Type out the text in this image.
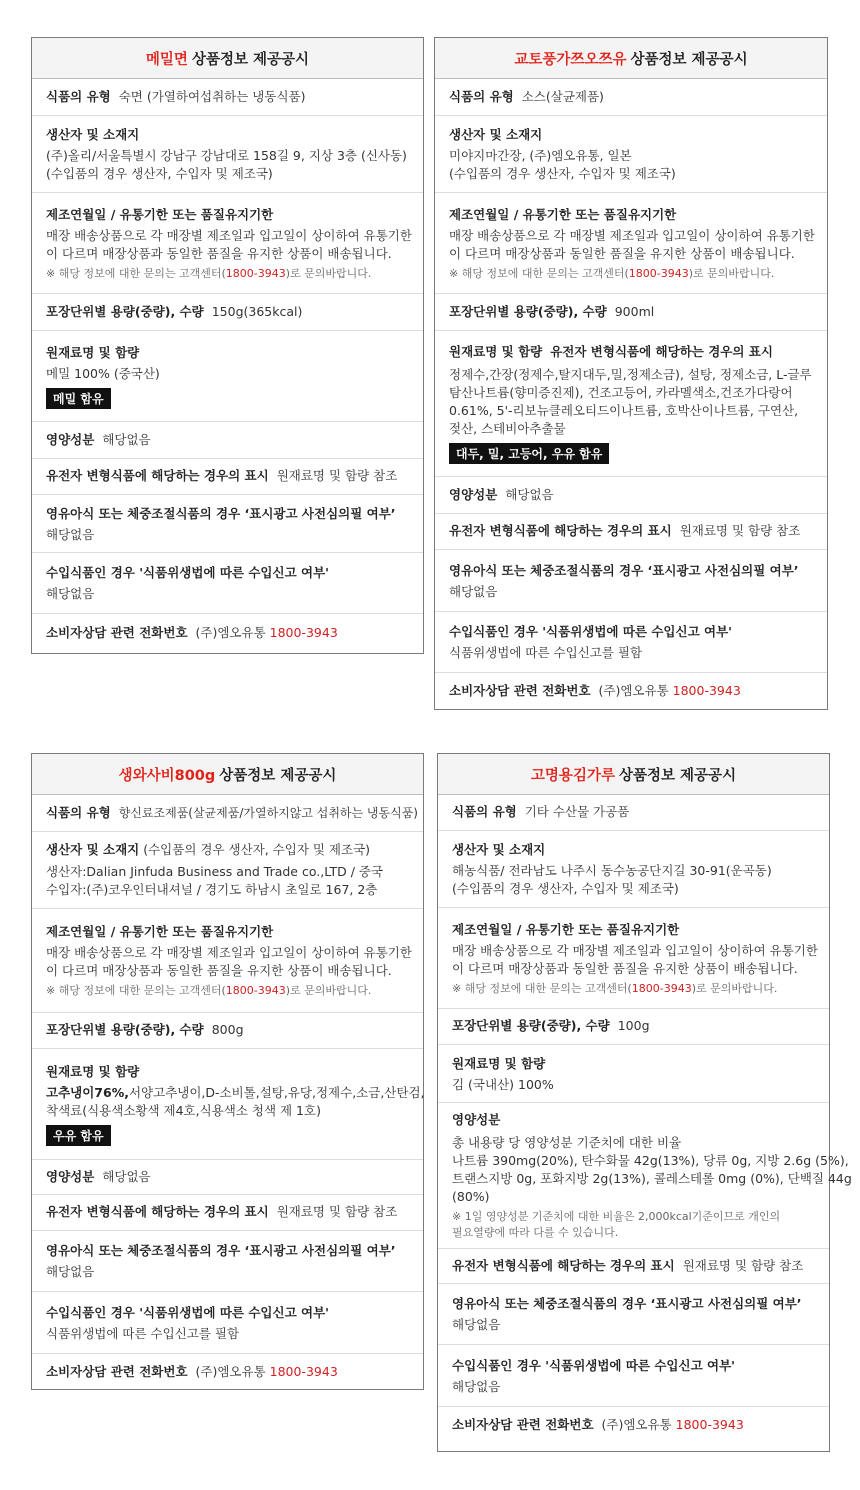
메밀면 상품정보 제공공시
식품의 유형 숙면 (가열하여섭취하는 냉동식품)
생산자 및 소재지
(주)올리/서울특별시 강남구 강남대로 158길 9, 지상 3층 (신사동)
(수입품의 경우 생산자, 수입자 및 제조국)
제조연월일 / 유통기한 또는 품질유지기한
매장 배송상품으로 각 매장별 제조일과 입고일이 상이하여 유통기한
이 다르며 매장상품과 동일한 품질을 유지한 상품이 배송됩니다.
※ 해당 정보에 대한 문의는 고객센터(1800-3943)로 문의바랍니다.
포장단위별 용량(중량), 수량 150g(365kcal)
원재료명 및 함량
메밀 100% (중국산)
메밀 함유
영양성분 해당없음
유전자 변형식품에 해당하는 경우의 표시 원재료명 및 함량 참조
영유아식 또는 체중조절식품의 경우 ‘표시광고 사전심의필 여부’
해당없음
수입식품인 경우 '식품위생법에 따른 수입신고 여부'
해당없음
소비자상담 관련 전화번호 (주)엠오유통 1800-3943
교토풍가쯔오쯔유 상품정보 제공공시
식품의 유형 소스(살균제품)
생산자 및 소재지
미야지마간장, (주)엠오유통, 일본
(수입품의 경우 생산자, 수입자 및 제조국)
제조연월일 / 유통기한 또는 품질유지기한
매장 배송상품으로 각 매장별 제조일과 입고일이 상이하여 유통기한
이 다르며 매장상품과 동일한 품질을 유지한 상품이 배송됩니다.
※ 해당 정보에 대한 문의는 고객센터(1800-3943)로 문의바랍니다.
포장단위별 용량(중량), 수량 900ml
원재료명 및 함량 유전자 변형식품에 해당하는 경우의 표시
정제수,간장(정제수,탈지대두,밀,정제소금), 설탕, 정제소금, L-글루
탐산나트륨(향미증진제), 건조고등어, 카라멜색소,건조가다랑어
0.61%, 5'-리보뉴클레오티드이나트륨, 호박산이나트륨, 구연산,
젖산, 스테비아추출물
대두, 밀, 고등어, 우유 함유
영양성분 해당없음
유전자 변형식품에 해당하는 경우의 표시 원재료명 및 함량 참조
영유아식 또는 체중조절식품의 경우 ‘표시광고 사전심의필 여부’
해당없음
수입식품인 경우 '식품위생법에 따른 수입신고 여부'
식품위생법에 따른 수입신고를 필함
소비자상담 관련 전화번호 (주)엠오유통 1800-3943
생와사비800g 상품정보 제공공시
식품의 유형 향신료조제품(살균제품/가열하지않고 섭취하는 냉동식품)
생산자 및 소재지 (수입품의 경우 생산자, 수입자 및 제조국)
생산자:Dalian Jinfuda Business and Trade co.,LTD / 중국
수입자:(주)코우인터내셔널 / 경기도 하남시 초일로 167, 2층
제조연월일 / 유통기한 또는 품질유지기한
매장 배송상품으로 각 매장별 제조일과 입고일이 상이하여 유통기한
이 다르며 매장상품과 동일한 품질을 유지한 상품이 배송됩니다.
※ 해당 정보에 대한 문의는 고객센터(1800-3943)로 문의바랍니다.
포장단위별 용량(중량), 수량 800g
원재료명 및 함량
고추냉이76%,서양고추냉이,D-소비톨,설탕,유당,정제수,소금,산탄검,
착색료(식용색소황색 제4호,식용색소 청색 제 1호)
우유 함유
영양성분 해당없음
유전자 변형식품에 해당하는 경우의 표시 원재료명 및 함량 참조
영유아식 또는 체중조절식품의 경우 ‘표시광고 사전심의필 여부’
해당없음
수입식품인 경우 '식품위생법에 따른 수입신고 여부'
식품위생법에 따른 수입신고를 필함
소비자상담 관련 전화번호 (주)엠오유통 1800-3943
고명용김가루 상품정보 제공공시
식품의 유형 기타 수산물 가공품
생산자 및 소재지
해농식품/ 전라남도 나주시 동수농공단지길 30-91(운곡동)
(수입품의 경우 생산자, 수입자 및 제조국)
제조연월일 / 유통기한 또는 품질유지기한
매장 배송상품으로 각 매장별 제조일과 입고일이 상이하여 유통기한
이 다르며 매장상품과 동일한 품질을 유지한 상품이 배송됩니다.
※ 해당 정보에 대한 문의는 고객센터(1800-3943)로 문의바랍니다.
포장단위별 용량(중량), 수량 100g
원재료명 및 함량
김 (국내산) 100%
영양성분
총 내용량 당 영양성분 기준치에 대한 비율
나트륨 390mg(20%), 탄수화물 42g(13%), 당류 0g, 지방 2.6g (5%),
트랜스지방 0g, 포화지방 2g(13%), 콜레스테롤 0mg (0%), 단백질 44g
(80%)
※ 1일 영양성분 기준치에 대한 비율은 2,000kcal기준이므로 개인의
필요열량에 따라 다를 수 있습니다.
유전자 변형식품에 해당하는 경우의 표시 원재료명 및 함량 참조
영유아식 또는 체중조절식품의 경우 ‘표시광고 사전심의필 여부’
해당없음
수입식품인 경우 '식품위생법에 따른 수입신고 여부'
해당없음
소비자상담 관련 전화번호 (주)엠오유통 1800-3943
